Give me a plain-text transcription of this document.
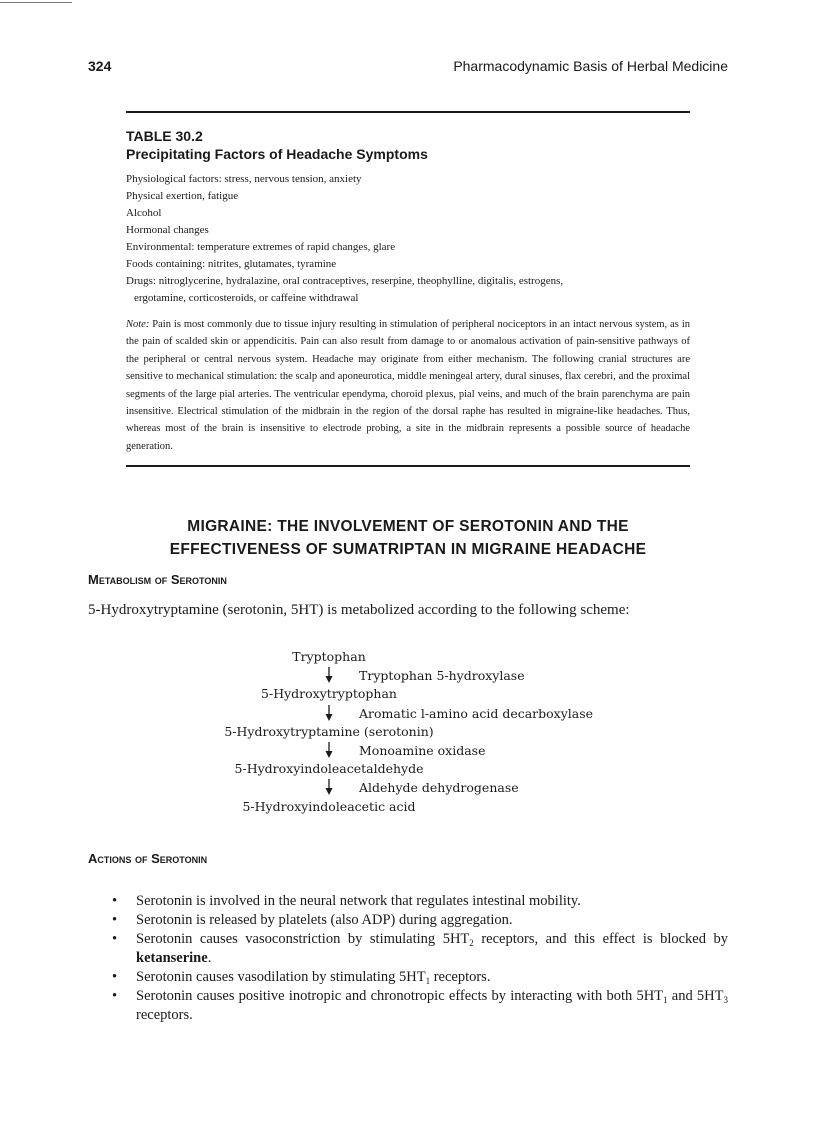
324	Pharmacodynamic Basis of Herbal Medicine
TABLE 30.2
Precipitating Factors of Headache Symptoms
Physiological factors: stress, nervous tension, anxiety
Physical exertion, fatigue
Alcohol
Hormonal changes
Environmental: temperature extremes of rapid changes, glare
Foods containing: nitrites, glutamates, tyramine
Drugs: nitroglycerine, hydralazine, oral contraceptives, reserpine, theophylline, digitalis, estrogens,
ergotamine, corticosteroids, or caffeine withdrawal
Note: Pain is most commonly due to tissue injury resulting in stimulation of peripheral nociceptors in an intact nervous system, as in the pain of scalded skin or appendicitis. Pain can also result from damage to or anomalous activation of pain-sensitive pathways of the peripheral or central nervous system. Headache may originate from either mechanism. The following cranial structures are sensitive to mechanical stimulation: the scalp and aponeurotica, middle meningeal artery, dural sinuses, flax cerebri, and the proximal segments of the large pial arteries. The ventricular ependyma, choroid plexus, pial veins, and much of the brain parenchyma are pain insensitive. Electrical stimulation of the midbrain in the region of the dorsal raphe has resulted in migraine-like headaches. Thus, whereas most of the brain is insensitive to electrode probing, a site in the midbrain represents a possible source of headache generation.
MIGRAINE: THE INVOLVEMENT OF SEROTONIN AND THE
EFFECTIVENESS OF SUMATRIPTAN IN MIGRAINE HEADACHE
Metabolism of Serotonin
5-Hydroxytryptamine (serotonin, 5HT) is metabolized according to the following scheme:
Tryptophan
Tryptophan 5-hydroxylase
5-Hydroxytryptophan
Aromatic l-amino acid decarboxylase
5-Hydroxytryptamine (serotonin)
Monoamine oxidase
5-Hydroxyindoleacetaldehyde
Aldehyde dehydrogenase
5-Hydroxyindoleacetic acid
Actions of Serotonin
• Serotonin is involved in the neural network that regulates intestinal mobility.
• Serotonin is released by platelets (also ADP) during aggregation.
• Serotonin causes vasoconstriction by stimulating $5HT_2$ receptors, and this effect is blocked by ketanserine.
• Serotonin causes vasodilation by stimulating $5HT_1$ receptors.
• Serotonin causes positive inotropic and chronotropic effects by interacting with both $5HT_1$ and $5HT_3$ receptors.
